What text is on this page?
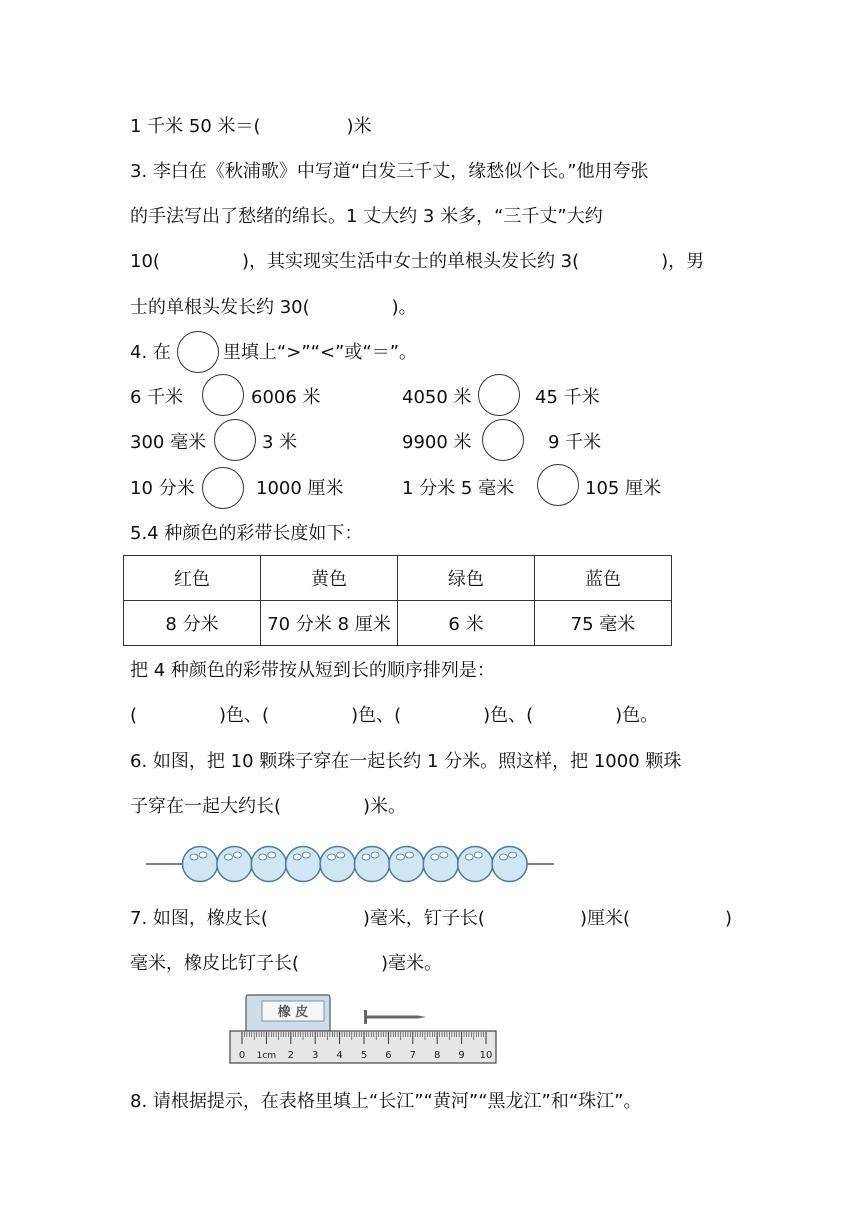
1 千米 50 米＝(	)米
3. 李白在《秋浦歌》中写道“白发三千丈，缘愁似个长。”他用夸张
的手法写出了愁绪的绵长。1 丈大约 3 米多，“三千丈”大约
10(	)，其实现实生活中女士的单根头发长约 3(	)，男
士的单根头发长约 30(	)。
4. 在	里填上“>”“<”或“＝”。
6 千米	6006 米	4050 米	45 千米
300 毫米	3 米	9900 米	9 千米
10 分米	1000 厘米	1 分米 5 毫米	105 厘米
5.4 种颜色的彩带长度如下：
红色	黄色	绿色	蓝色
8 分米	70 分米 8 厘米	6 米	75 毫米
把 4 种颜色的彩带按从短到长的顺序排列是：
(	)色、(	)色、(	)色、(	)色。
6. 如图，把 10 颗珠子穿在一起长约 1 分米。照这样，把 1000 颗珠
子穿在一起大约长(	)米。
7. 如图，橡皮长(	)毫米，钉子长(	)厘米(	)
毫米，橡皮比钉子长(	)毫米。
橡 皮
0 1cm 2 3 4 5 6 7 8 9 10
8. 请根据提示，在表格里填上“长江”“黄河”“黑龙江”和“珠江”。
